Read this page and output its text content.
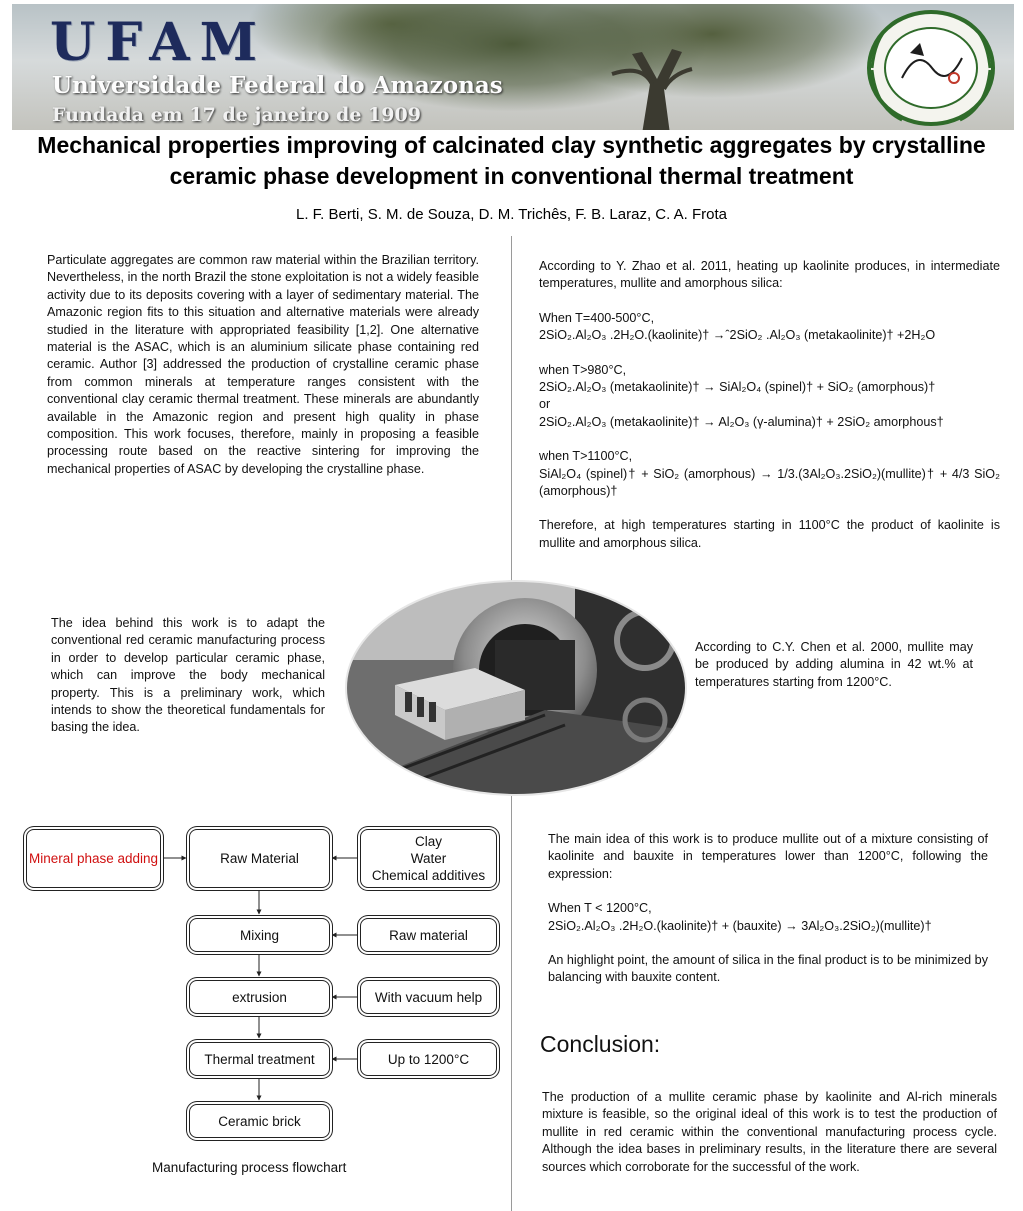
UFAM
Universidade Federal do Amazonas
Fundada em 17 de janeiro de 1909
Mechanical properties improving of calcinated clay synthetic aggregates by crystalline ceramic phase development in conventional thermal treatment
L. F. Berti, S. M. de Souza, D. M. Trichês, F. B. Laraz, C. A. Frota
Particulate aggregates are common raw material within the Brazilian territory. Nevertheless, in the north Brazil the stone exploitation is not a widely feasible activity due to its deposits covering with a layer of sedimentary material. The Amazonic region fits to this situation and alternative materials were already studied in the literature with appropriated feasibility [1,2]. One alternative material is the ASAC, which is an aluminium silicate phase containing red ceramic. Author [3] addressed the production of crystalline ceramic phase from common minerals at temperature ranges consistent with the conventional clay ceramic thermal treatment. These minerals are abundantly available in the Amazonic region and present high quality in phase composition. This work focuses, therefore, mainly in proposing a feasible processing route based on the reactive sintering for improving the mechanical properties of ASAC by developing the crystalline phase.

According to Y. Zhao et al. 2011, heating up kaolinite produces, in intermediate temperatures, mullite and amorphous silica:

When T=400-500°C,

2SiO₂.Al₂O₃ .2H₂O.(kaolinite)† →ˆ2SiO₂ .Al₂O₃ (metakaolinite)† +2H₂O

when T>980°C,

2SiO₂.Al₂O₃ (metakaolinite)† → SiAl₂O₄ (spinel)† + SiO₂ (amorphous)†

or

2SiO₂.Al₂O₃ (metakaolinite)† → Al₂O₃ (γ-alumina)† + 2SiO₂ amorphous†

when T>1100°C,

SiAl₂O₄ (spinel)† + SiO₂ (amorphous) → 1/3.(3Al₂O₃.2SiO₂)(mullite)† + 4/3 SiO₂ (amorphous)†

Therefore, at high temperatures starting in 1100°C the product of kaolinite is mullite and amorphous silica.

The idea behind this work is to adapt the conventional red ceramic manufacturing process in order to develop particular ceramic phase, which can improve the body mechanical property. This is a preliminary work, which intends to show the theoretical fundamentals for basing the idea.
According to C.Y. Chen et al. 2000, mullite may be produced by adding alumina in 42 wt.% at temperatures starting from 1200°C.
Mineral phase adding	Raw Material
Clay
Water
Chemical additives
Mixing	Raw material
extrusion	With vacuum help
Thermal treatment	Up to 1200°C
Ceramic brick
Manufacturing process flowchart

The main idea of this work is to produce mullite out of a mixture consisting of kaolinite and bauxite in temperatures lower than 1200°C, following the expression:

When T < 1200°C,

2SiO₂.Al₂O₃ .2H₂O.(kaolinite)† + (bauxite) → 3Al₂O₃.2SiO₂)(mullite)†

An highlight point, the amount of silica in the final product is to be minimized by balancing with bauxite content.

Conclusion:
The production of a mullite ceramic phase by kaolinite and Al-rich minerals mixture is feasible, so the original ideal of this work is to test the production of mullite in red ceramic within the conventional manufacturing process cycle. Although the idea bases in preliminary results, in the literature there are several sources which corroborate for the successful of the work.
